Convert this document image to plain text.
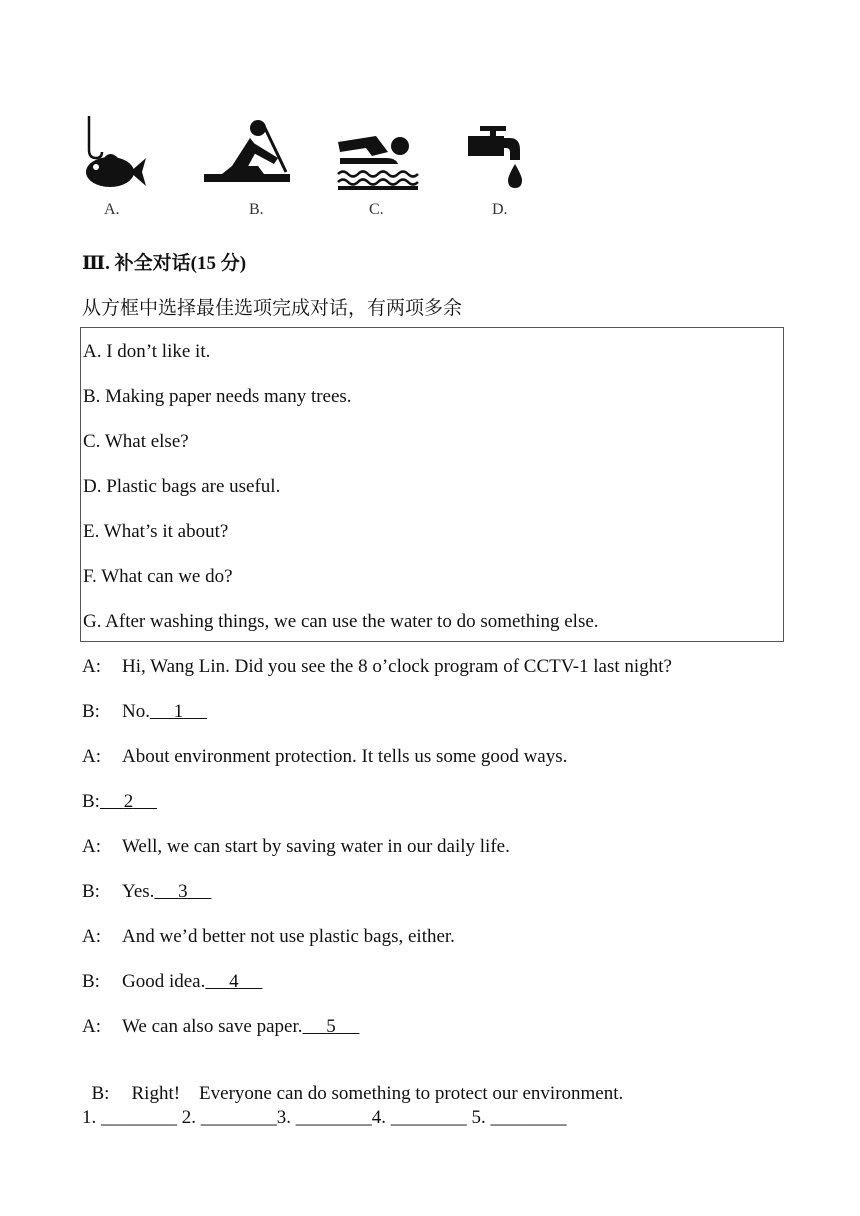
A.	B.	C.	D.
Ⅲ. 补全对话(15 分)
从方框中选择最佳选项完成对话，有两项多余
A. I don’t like it.
B. Making paper needs many trees.
C. What else?
D. Plastic bags are useful.
E. What’s it about?
F. What can we do?
G. After washing things, we can use the water to do something else.
A: Hi, Wang Lin. Did you see the 8 o’clock program of CCTV-1 last night?
B: No. 1
A: About environment protection. It tells us some good ways.
B: 2
A: Well, we can start by saving water in our daily life.
B: Yes. 3
A: And we’d better not use plastic bags, either.
B: Good idea. 4
A: We can also save paper. 5

B: Right!    Everyone can do something to protect our environment.

1. ________ 2. ________3. ________4. ________ 5. ________
